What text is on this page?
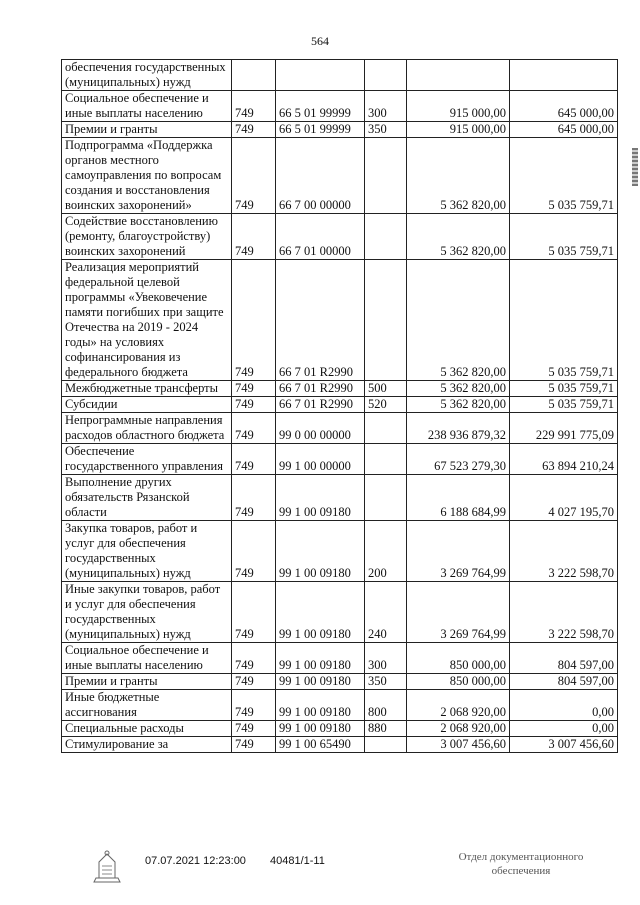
564
обеспечения государственных (муниципальных) нужд					
Социальное обеспечение и иные выплаты населению	749	66 5 01 99999	300	915 000,00	645 000,00
Премии и гранты	749	66 5 01 99999	350	915 000,00	645 000,00
Подпрограмма «Поддержка органов местного самоуправления по вопросам создания и восстановления воинских захоронений»	749	66 7 00 00000		5 362 820,00	5 035 759,71
Содействие восстановлению (ремонту, благоустройству) воинских захоронений	749	66 7 01 00000		5 362 820,00	5 035 759,71
Реализация мероприятий федеральной целевой программы «Увековечение памяти погибших при защите Отечества на 2019 - 2024 годы» на условиях софинансирования из федерального бюджета	749	66 7 01 R2990		5 362 820,00	5 035 759,71
Межбюджетные трансферты	749	66 7 01 R2990	500	5 362 820,00	5 035 759,71
Субсидии	749	66 7 01 R2990	520	5 362 820,00	5 035 759,71
Непрограммные направления расходов областного бюджета	749	99 0 00 00000		238 936 879,32	229 991 775,09
Обеспечение государственного управления	749	99 1 00 00000		67 523 279,30	63 894 210,24
Выполнение других обязательств Рязанской области	749	99 1 00 09180		6 188 684,99	4 027 195,70
Закупка товаров, работ и услуг для обеспечения государственных (муниципальных) нужд	749	99 1 00 09180	200	3 269 764,99	3 222 598,70
Иные закупки товаров, работ и услуг для обеспечения государственных (муниципальных) нужд	749	99 1 00 09180	240	3 269 764,99	3 222 598,70
Социальное обеспечение и иные выплаты населению	749	99 1 00 09180	300	850 000,00	804 597,00
Премии и гранты	749	99 1 00 09180	350	850 000,00	804 597,00
Иные бюджетные ассигнования	749	99 1 00 09180	800	2 068 920,00	0,00
Специальные расходы	749	99 1 00 09180	880	2 068 920,00	0,00
Стимулирование за	749	99 1 00 65490		3 007 456,60	3 007 456,60
07.07.2021 12:23:00 40481/1-11	Отдел документационного
обеспечения
